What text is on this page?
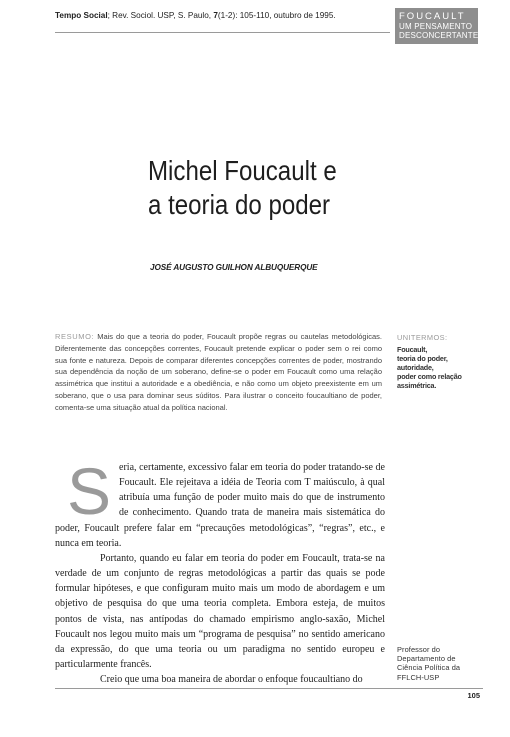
Tempo Social; Rev. Sociol. USP, S. Paulo, 7(1-2): 105-110, outubro de 1995.	FOUCAULT
UM PENSAMENTO
DESCONCERTANTE
Michel Foucault e
a teoria do poder
JOSÉ AUGUSTO GUILHON ALBUQUERQUE
RESUMO: Mais do que a teoria do poder, Foucault propõe regras ou cautelas metodológicas. Diferentemente das concepções correntes, Foucault pretende explicar o poder sem o rei como sua fonte e natureza. Depois de comparar diferentes concepções correntes de poder, mostrando sua dependência da noção de um soberano, define-se o poder em Foucault como uma relação assimétrica que institui a autoridade e a obediência, e não como um objeto preexistente em um soberano, que o usa para dominar seus súditos. Para ilustrar o conceito foucaultiano de poder, comenta-se uma situação atual da política nacional.
UNITERMOS:
Foucault,
teoria do poder,
autoridade,
poder como relação
assimétrica.

Seria, certamente, excessivo falar em teoria do poder tratando-se de Foucault. Ele rejeitava a idéia de Teoria com T maiúsculo, à qual atribuía uma função de poder muito mais do que de instrumento de conhecimento. Quando trata de maneira mais sistemática do poder, Foucault prefere falar em “precauções metodológicas”, “regras”, etc., e nunca em teoria.

Portanto, quando eu falar em teoria do poder em Foucault, trata-se na verdade de um conjunto de regras metodológicas a partir das quais se pode formular hipóteses, e que configuram muito mais um modo de abordagem e um objetivo de pesquisa do que uma teoria completa. Embora esteja, de muitos pontos de vista, nas antípodas do chamado empirismo anglo-saxão, Michel Foucault nos legou muito mais um “programa de pesquisa” no sentido americano da expressão, do que uma teoria ou um paradigma no sentido europeu e particularmente francês.

Creio que uma boa maneira de abordar o enfoque foucaultiano do

Professor do Departamento de Ciência Política da FFLCH-USP
105
